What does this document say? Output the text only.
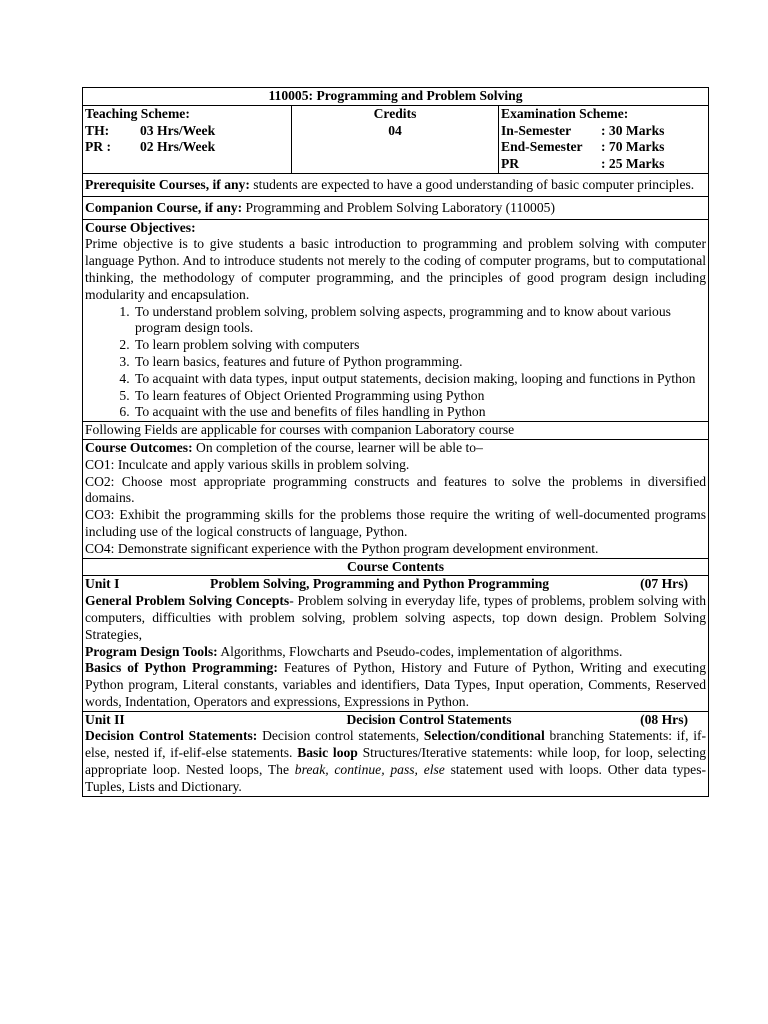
110005: Programming and Problem Solving

Teaching Scheme:
TH:	03 Hrs/Week
PR :	02 Hrs/Week

Credits
04

Examination Scheme:
In-Semester	: 30 Marks
End-Semester	: 70 Marks
PR	: 25 Marks

Prerequisite Courses, if any: students are expected to have a good understanding of basic computer principles.
Companion Course, if any: Programming and Problem Solving Laboratory (110005)

Course Objectives:
Prime objective is to give students a basic introduction to programming and problem solving with computer language Python. And to introduce students not merely to the coding of computer programs, but to computational thinking, the methodology of computer programming, and the principles of good program design including modularity and encapsulation.
1. To understand problem solving, problem solving aspects, programming and to know about various program design tools.
2. To learn problem solving with computers
3. To learn basics, features and future of Python programming.
4. To acquaint with data types, input output statements, decision making, looping and functions in Python
5. To learn features of Object Oriented Programming using Python
6. To acquaint with the use and benefits of files handling in Python

Following Fields are applicable for courses with companion Laboratory course

Course Outcomes: On completion of the course, learner will be able to–
CO1: Inculcate and apply various skills in problem solving.
CO2: Choose most appropriate programming constructs and features to solve the problems in diversified domains.
CO3: Exhibit the programming skills for the problems those require the writing of well-documented programs including use of the logical constructs of language, Python.
CO4: Demonstrate significant experience with the Python program development environment.

Course Contents

Unit I	Problem Solving, Programming and Python Programming	(07 Hrs)
General Problem Solving Concepts- Problem solving in everyday life, types of problems, problem solving with computers, difficulties with problem solving, problem solving aspects, top down design. Problem Solving Strategies,
Program Design Tools: Algorithms, Flowcharts and Pseudo-codes, implementation of algorithms.
Basics of Python Programming: Features of Python, History and Future of Python, Writing and executing Python program, Literal constants, variables and identifiers, Data Types, Input operation, Comments, Reserved words, Indentation, Operators and expressions, Expressions in Python.

Unit II	Decision Control Statements	(08 Hrs)
Decision Control Statements: Decision control statements, Selection/conditional branching Statements: if, if-else, nested if, if-elif-else statements. Basic loop Structures/Iterative statements: while loop, for loop, selecting appropriate loop. Nested loops, The break, continue, pass, else statement used with loops. Other data types- Tuples, Lists and Dictionary.
